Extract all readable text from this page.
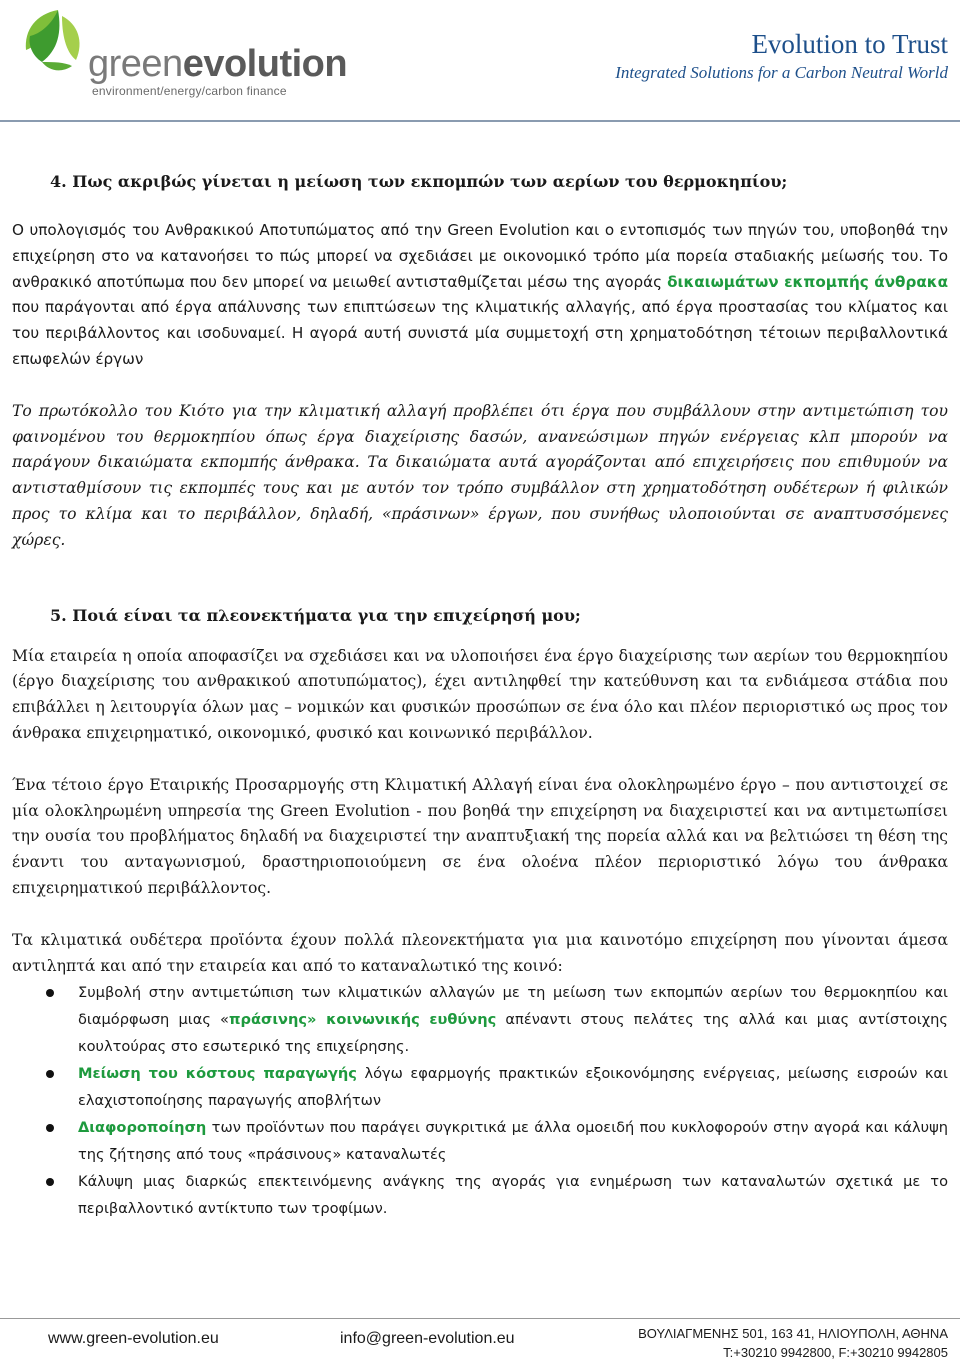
greenevolution
environment/energy/carbon finance
Evolution to Trust
Integrated Solutions for a Carbon Neutral World
4. Πως ακριβώς γίνεται η μείωση των εκπομπών των αερίων του θερμοκηπίου;

Ο υπολογισμός του Ανθρακικού Αποτυπώματος από την Green Evolution και ο εντοπισμός των πηγών του, υποβοηθά την επιχείρηση στο να κατανοήσει το πώς μπορεί να σχεδιάσει με οικονομικό τρόπο μία πορεία σταδιακής μείωσής του. Το ανθρακικό αποτύπωμα που δεν μπορεί να μειωθεί αντισταθμίζεται μέσω της αγοράς δικαιωμάτων εκπομπής άνθρακα που παράγονται από έργα απάλυνσης των επιπτώσεων της κλιματικής αλλαγής, από έργα προστασίας του κλίματος και του περιβάλλοντος και ισοδυναμεί. Η αγορά αυτή συνιστά μία συμμετοχή στη χρηματοδότηση τέτοιων περιβαλλοντικά επωφελών έργων

Το πρωτόκολλο του Κιότο για την κλιματική αλλαγή προβλέπει ότι έργα που συμβάλλουν στην αντιμετώπιση του φαινομένου του θερμοκηπίου όπως έργα διαχείρισης δασών, ανανεώσιμων πηγών ενέργειας κλπ μπορούν να παράγουν δικαιώματα εκπομπής άνθρακα. Τα δικαιώματα αυτά αγοράζονται από επιχειρήσεις που επιθυμούν να αντισταθμίσουν τις εκπομπές τους και με αυτόν τον τρόπο συμβάλλον στη χρηματοδότηση ουδέτερων ή φιλικών προς το κλίμα και το περιβάλλον, δηλαδή, «πράσινων» έργων, που συνήθως υλοποιούνται σε αναπτυσσόμενες χώρες.

5. Ποιά είναι τα πλεονεκτήματα για την επιχείρησή μου;

Μία εταιρεία η οποία αποφασίζει να σχεδιάσει και να υλοποιήσει ένα έργο διαχείρισης των αερίων του θερμοκηπίου (έργο διαχείρισης του ανθρακικού αποτυπώματος), έχει αντιληφθεί την κατεύθυνση και τα ενδιάμεσα στάδια που επιβάλλει η λειτουργία όλων μας – νομικών και φυσικών προσώπων σε ένα όλο και πλέον περιοριστικό ως προς τον άνθρακα επιχειρηματικό, οικονομικό, φυσικό και κοινωνικό περιβάλλον.

Ένα τέτοιο έργο Εταιρικής Προσαρμογής στη Κλιματική Αλλαγή είναι ένα ολοκληρωμένο έργο – που αντιστοιχεί σε μία ολοκληρωμένη υπηρεσία της Green Evolution - που βοηθά την επιχείρηση να διαχειριστεί και να αντιμετωπίσει την ουσία του προβλήματος δηλαδή να διαχειριστεί την αναπτυξιακή της πορεία αλλά και να βελτιώσει τη θέση της έναντι του ανταγωνισμού, δραστηριοποιούμενη σε ένα ολοένα πλέον περιοριστικό λόγω του άνθρακα επιχειρηματικού περιβάλλοντος.

Τα κλιματικά ουδέτερα προϊόντα έχουν πολλά πλεονεκτήματα για μια καινοτόμο επιχείρηση που γίνονται άμεσα αντιληπτά και από την εταιρεία και από το καταναλωτικό της κοινό:

Συμβολή στην αντιμετώπιση των κλιματικών αλλαγών με τη μείωση των εκπομπών αερίων του θερμοκηπίου και διαμόρφωση μιας «πράσινης» κοινωνικής ευθύνης απέναντι στους πελάτες της αλλά και μιας αντίστοιχης κουλτούρας στο εσωτερικό της επιχείρησης.
Μείωση του κόστους παραγωγής λόγω εφαρμογής πρακτικών εξοικονόμησης ενέργειας, μείωσης εισροών και ελαχιστοποίησης παραγωγής αποβλήτων
Διαφοροποίηση των προϊόντων που παράγει συγκριτικά με άλλα ομοειδή που κυκλοφορούν στην αγορά και κάλυψη της ζήτησης από τους «πράσινους» καταναλωτές
Κάλυψη μιας διαρκώς επεκτεινόμενης ανάγκης της αγοράς για ενημέρωση των καταναλωτών σχετικά με το περιβαλλοντικό αντίκτυπο των τροφίμων.
www.green-evolution.eu	info@green-evolution.eu	ΒΟΥΛΙΑΓΜΕΝΗΣ 501, 163 41, ΗΛΙΟΥΠΟΛΗ, ΑΘΗΝΑ
T:+30210 9942800, F:+30210 9942805
